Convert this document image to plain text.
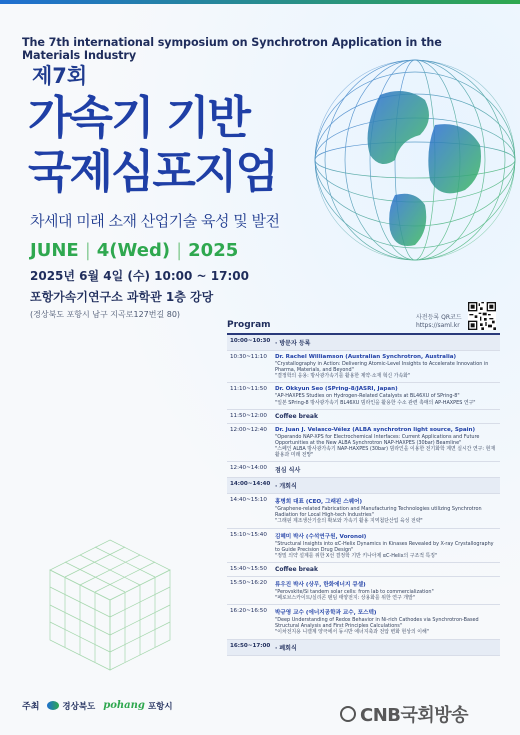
The 7th international symposium on Synchrotron Application in the Materials Industry
제7회
가속기 기반
국제심포지엄
차세대 미래 소재 산업기술 육성 및 발전
JUNE | 4(Wed) | 2025
2025년 6월 4일 (수) 10:00 ~ 17:00
포항가속기연구소 과학관 1층 강당
(경상북도 포항시 남구 지곡로127번길 80)	사전등록 QR코드
https://saml.kr
Program
10:00~10:30 · 방문자 등록
10:30~11:10	Dr. Rachel Williamson (Australian Synchrotron, Australia)
"Crystallography in Action: Delivering Atomic-Level Insights to Accelerate Innovation in Pharma, Materials, and Beyond"
"결정학의 응용: 방사광가속기를 활용한 제약·소재 혁신 가속화"
11:10~11:50	Dr. Okkyun Seo (SPring-8/JASRI, Japan)
"AP-HAXPES Studies on Hydrogen-Related Catalysts at BL46XU of SPring-8"
"일본 SPring-8 방사광가속기 BL46XU 빔라인을 활용한 수소 관련 촉매의 AP-HAXPES 연구"
11:50~12:00	Coffee break
12:00~12:40	Dr. Juan J. Velasco-Vélez (ALBA synchrotron light source, Spain)
"Operando NAP-XPS for Electrochemical Interfaces: Current Applications and Future Opportunities at the New ALBA Synchrotron NAP-HAXPES (30bar) Beamline"
"스페인 ALBA 방사광가속기 NAP-HAXPES (30bar) 빔라인을 이용한 전기화학 계면 실시간 연구: 현재 활용과 미래 전망"
12:40~14:00	점심 식사
14:00~14:40 · 개회식
14:40~15:10	홍병희 대표 (CEO, 그래핀 스퀘어)
"Graphene-related Fabrication and Manufacturing Technologies utilizing Synchrotron Radiation for Local High-tech Industries"
"그래핀 제조생산기술의 확보와 가속기 활용 지역첨단산업 육성 전략"
15:10~15:40	김혜미 박사 (수석연구원, Voronoi)
"Structural Insights into αC-Helix Dynamics in Kinases Revealed by X-ray Crystallography to Guide Precision Drug Design"
"정밀 의약 설계를 위한 X선 결정학 기반 키나아제 αC-Helix의 구조적 특징"
15:40~15:50	Coffee break
15:50~16:20	류우진 박사 (상무, 한화에너지 큐셀)
"Perovskite/Si tandem solar cells: from lab to commercialization"
"페로브스카이트/실리콘 텐덤 태양전지: 상용화를 위한 연구 개발"
16:20~16:50	박규영 교수 (에너지공학과 교수, 포스텍)
"Deep Understanding of Redox Behavior in Ni-rich Cathodes via Synchrotron-Based Structural Analysis and First Principles Calculations"
"이차전지용 니켈계 양극에서 동시반 에너지축과 전압 변화 현상의 이해"
16:50~17:00 · 폐회식
주최	경상북도 pohang 포항시	CNB국회방송
